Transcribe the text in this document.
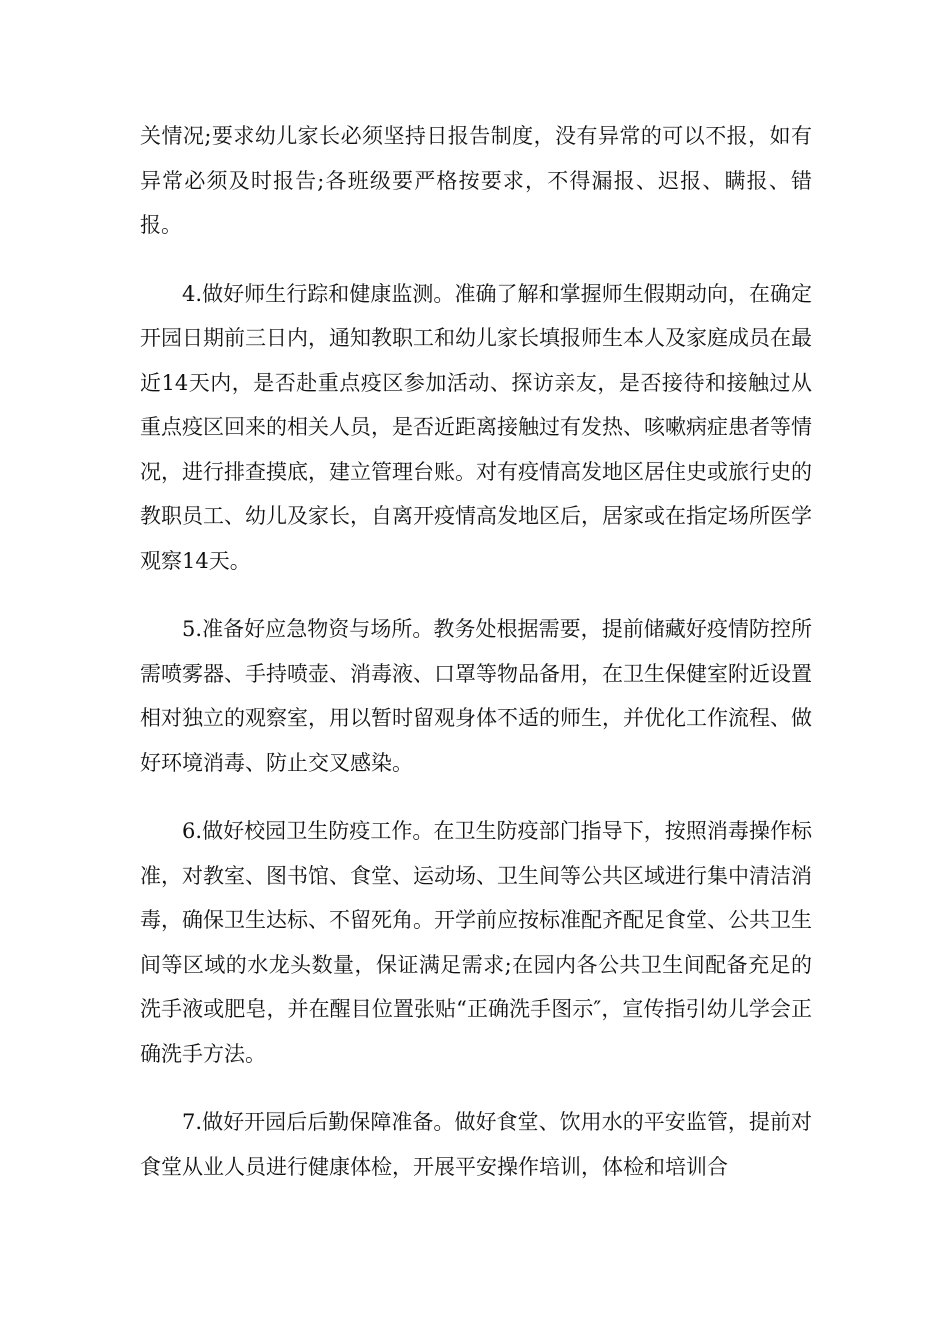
关情况;要求幼儿家长必须坚持日报告制度，没有异常的可以不报，如有异常必须及时报告;各班级要严格按要求，不得漏报、迟报、瞒报、错报。

4.做好师生行踪和健康监测。准确了解和掌握师生假期动向，在确定开园日期前三日内，通知教职工和幼儿家长填报师生本人及家庭成员在最近14天内，是否赴重点疫区参加活动、探访亲友，是否接待和接触过从重点疫区回来的相关人员，是否近距离接触过有发热、咳嗽病症患者等情况，进行排查摸底，建立管理台账。对有疫情高发地区居住史或旅行史的教职员工、幼儿及家长，自离开疫情高发地区后，居家或在指定场所医学观察14天。

5.准备好应急物资与场所。教务处根据需要，提前储藏好疫情防控所需喷雾器、手持喷壶、消毒液、口罩等物品备用，在卫生保健室附近设置相对独立的观察室，用以暂时留观身体不适的师生，并优化工作流程、做好环境消毒、防止交叉感染。

6.做好校园卫生防疫工作。在卫生防疫部门指导下，按照消毒操作标准，对教室、图书馆、食堂、运动场、卫生间等公共区域进行集中清洁消毒，确保卫生达标、不留死角。开学前应按标准配齐配足食堂、公共卫生间等区域的水龙头数量，保证满足需求;在园内各公共卫生间配备充足的洗手液或肥皂，并在醒目位置张贴“正确洗手图示″，宣传指引幼儿学会正确洗手方法。

7.做好开园后后勤保障准备。做好食堂、饮用水的平安监管，提前对食堂从业人员进行健康体检，开展平安操作培训，体检和培训合
